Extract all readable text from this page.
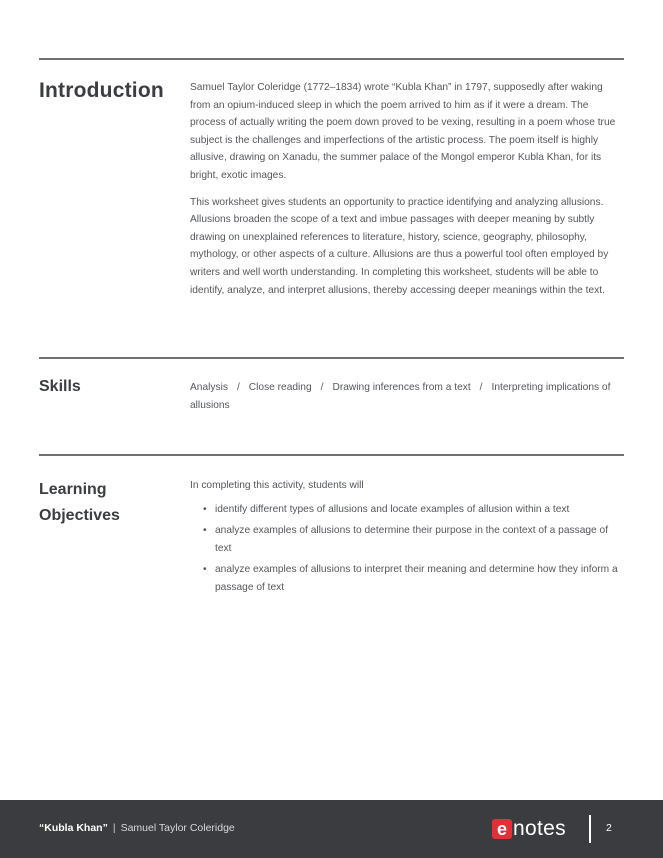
Introduction	Samuel Taylor Coleridge (1772–1834) wrote “Kubla Khan” in 1797, supposedly after waking from an opium-induced sleep in which the poem arrived to him as if it were a dream. The process of actually writing the poem down proved to be vexing, resulting in a poem whose true subject is the challenges and imperfections of the artistic process. The poem itself is highly allusive, drawing on Xanadu, the summer palace of the Mongol emperor Kubla Khan, for its bright, exotic images.

This worksheet gives students an opportunity to practice identifying and analyzing allusions. Allusions broaden the scope of a text and imbue passages with deeper meaning by subtly drawing on unexplained references to literature, history, science, geography, philosophy, mythology, or other aspects of a culture. Allusions are thus a powerful tool often employed by writers and well worth understanding. In completing this worksheet, students will be able to identify, analyze, and interpret allusions, thereby accessing deeper meanings within the text.

Skills	Analysis / Close reading / Drawing inferences from a text / Interpreting implications of allusions
Learning
Objectives

In completing this activity, students will

• identify different types of allusions and locate examples of allusion within a text
• analyze examples of allusions to determine their purpose in the context of a passage of text
• analyze examples of allusions to interpret their meaning and determine how they inform a passage of text
“Kubla Khan” | Samuel Taylor Coleridge	e notes	2
